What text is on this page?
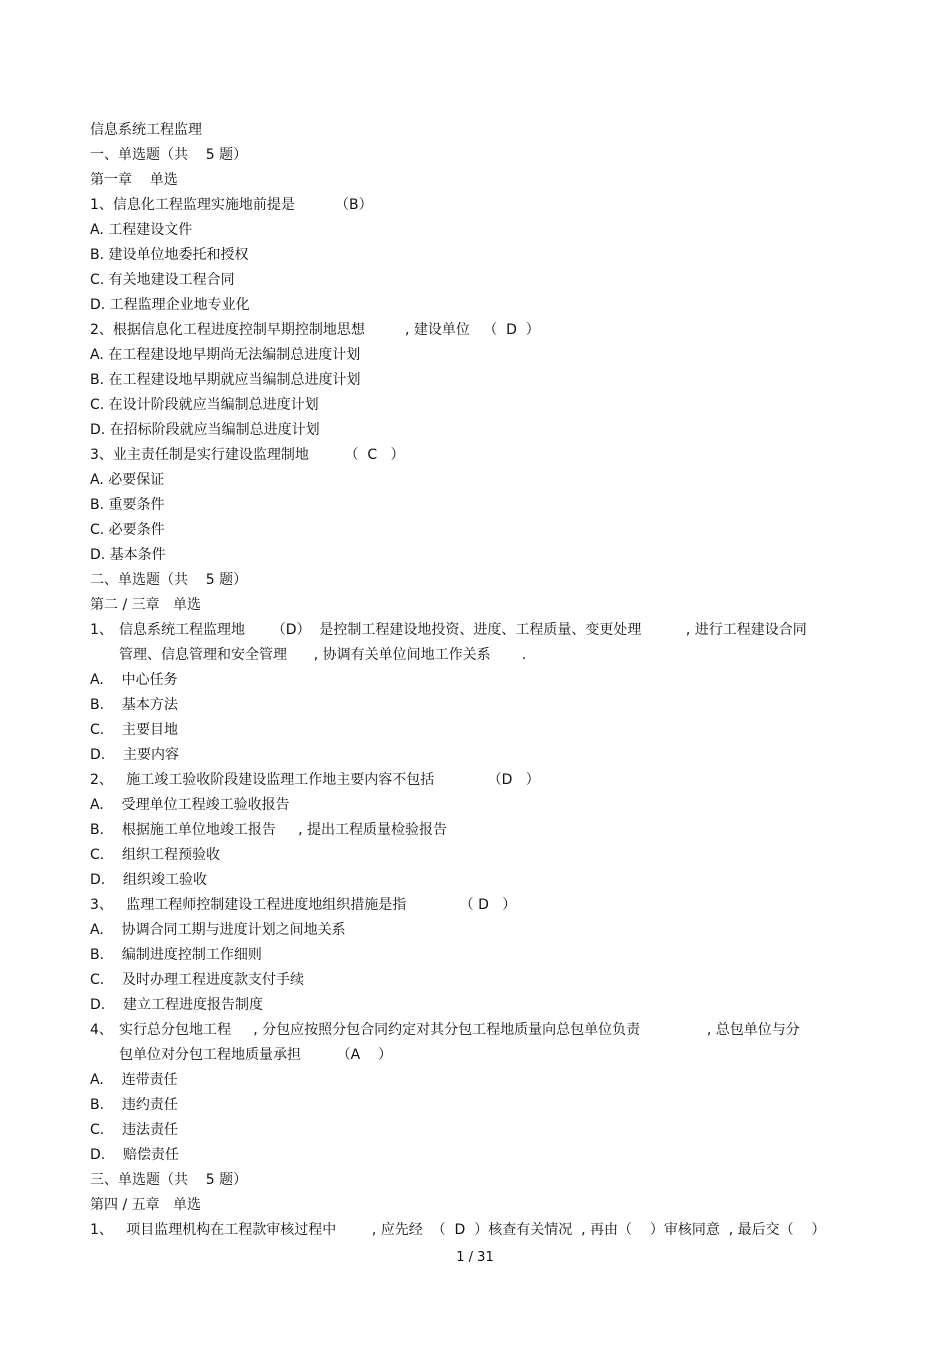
信息系统工程监理
一、单选题（共    5 题）
第一章    单选
1、信息化工程监理实施地前提是         （B）
A. 工程建设文件
B. 建设单位地委托和授权
C. 有关地建设工程合同
D. 工程监理企业地专业化
2、根据信息化工程进度控制早期控制地思想         , 建设单位   （  D  ）
A. 在工程建设地早期尚无法编制总进度计划
B. 在工程建设地早期就应当编制总进度计划
C. 在设计阶段就应当编制总进度计划
D. 在招标阶段就应当编制总进度计划
3、业主责任制是实行建设监理制地        （  C   ）
A. 必要保证
B. 重要条件
C. 必要条件
D. 基本条件
二、单选题（共    5 题）
第二 / 三章   单选
1、 信息系统工程监理地      （D）  是控制工程建设地投资、进度、工程质量、变更处理          , 进行工程建设合同
管理、信息管理和安全管理      , 协调有关单位间地工作关系       .
A.    中心任务
B.    基本方法
C.    主要目地
D.    主要内容
2、   施工竣工验收阶段建设监理工作地主要内容不包括            （D   ）
A.    受理单位工程竣工验收报告
B.    根据施工单位地竣工报告     , 提出工程质量检验报告
C.    组织工程预验收
D.    组织竣工验收
3、   监理工程师控制建设工程进度地组织措施是指            （ D   ）
A.    协调合同工期与进度计划之间地关系
B.    编制进度控制工作细则
C.    及时办理工程进度款支付手续
D.    建立工程进度报告制度
4、 实行总分包地工程     , 分包应按照分包合同约定对其分包工程地质量向总包单位负责               , 总包单位与分
包单位对分包工程地质量承担        （A    ）
A.    连带责任
B.    违约责任
C.    违法责任
D.    赔偿责任
三、单选题（共    5 题）
第四 / 五章   单选
1、   项目监理机构在工程款审核过程中        , 应先经  （  D  ）核查有关情况  , 再由（    ）审核同意  , 最后交（    ）
1 / 31
